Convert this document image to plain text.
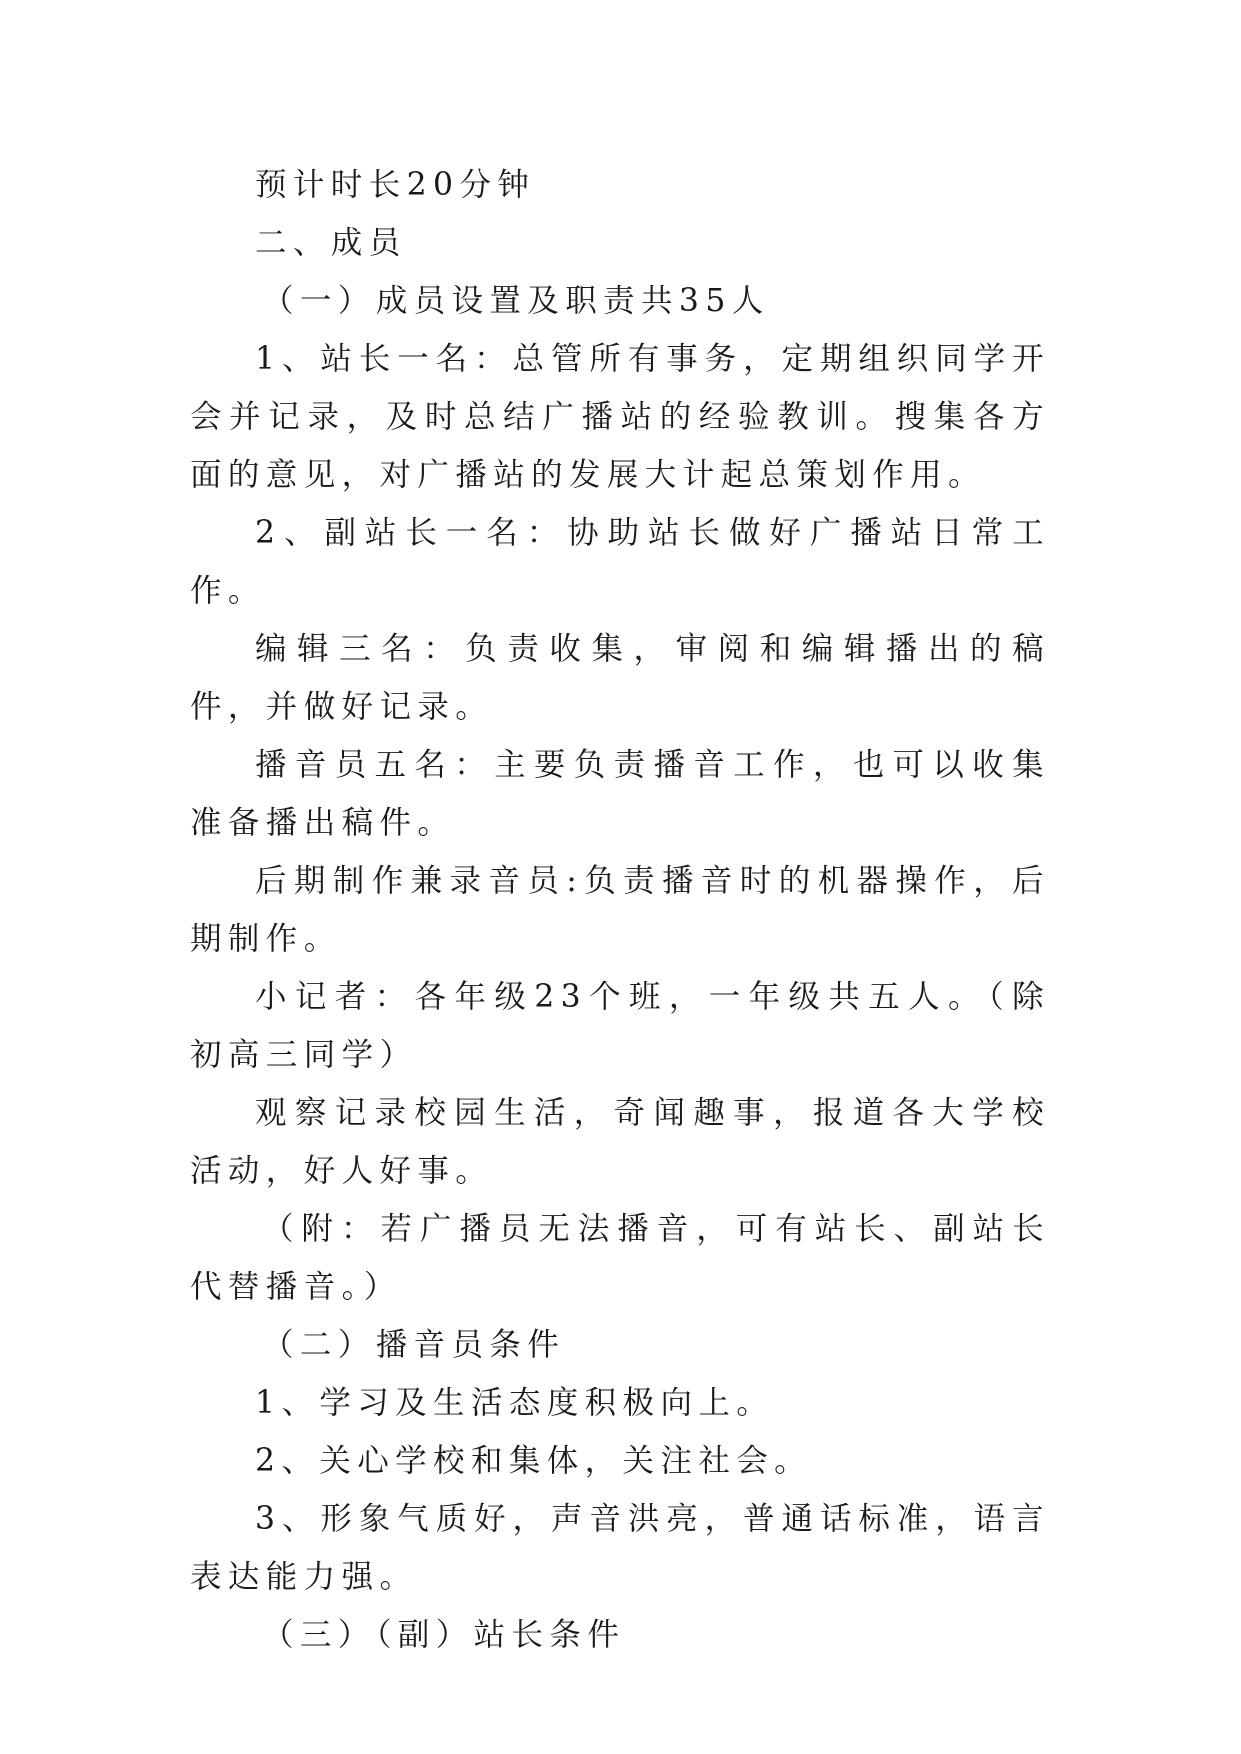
预计时长20分钟

二、成员

（一）成员设置及职责共35人

1、站长一名：总管所有事务，定期组织同学开会并记录，及时总结广播站的经验教训。搜集各方面的意见，对广播站的发展大计起总策划作用。

2、副站长一名：协助站长做好广播站日常工作。

编辑三名：负责收集，审阅和编辑播出的稿件，并做好记录。

播音员五名：主要负责播音工作，也可以收集准备播出稿件。

后期制作兼录音员:负责播音时的机器操作，后期制作。

小记者：各年级23个班，一年级共五人。（除初高三同学）

观察记录校园生活，奇闻趣事，报道各大学校活动，好人好事。

（附：若广播员无法播音，可有站长、副站长代替播音。）

（二）播音员条件

1、学习及生活态度积极向上。

2、关心学校和集体，关注社会。

3、形象气质好，声音洪亮，普通话标准，语言表达能力强。

（三）（副）站长条件
